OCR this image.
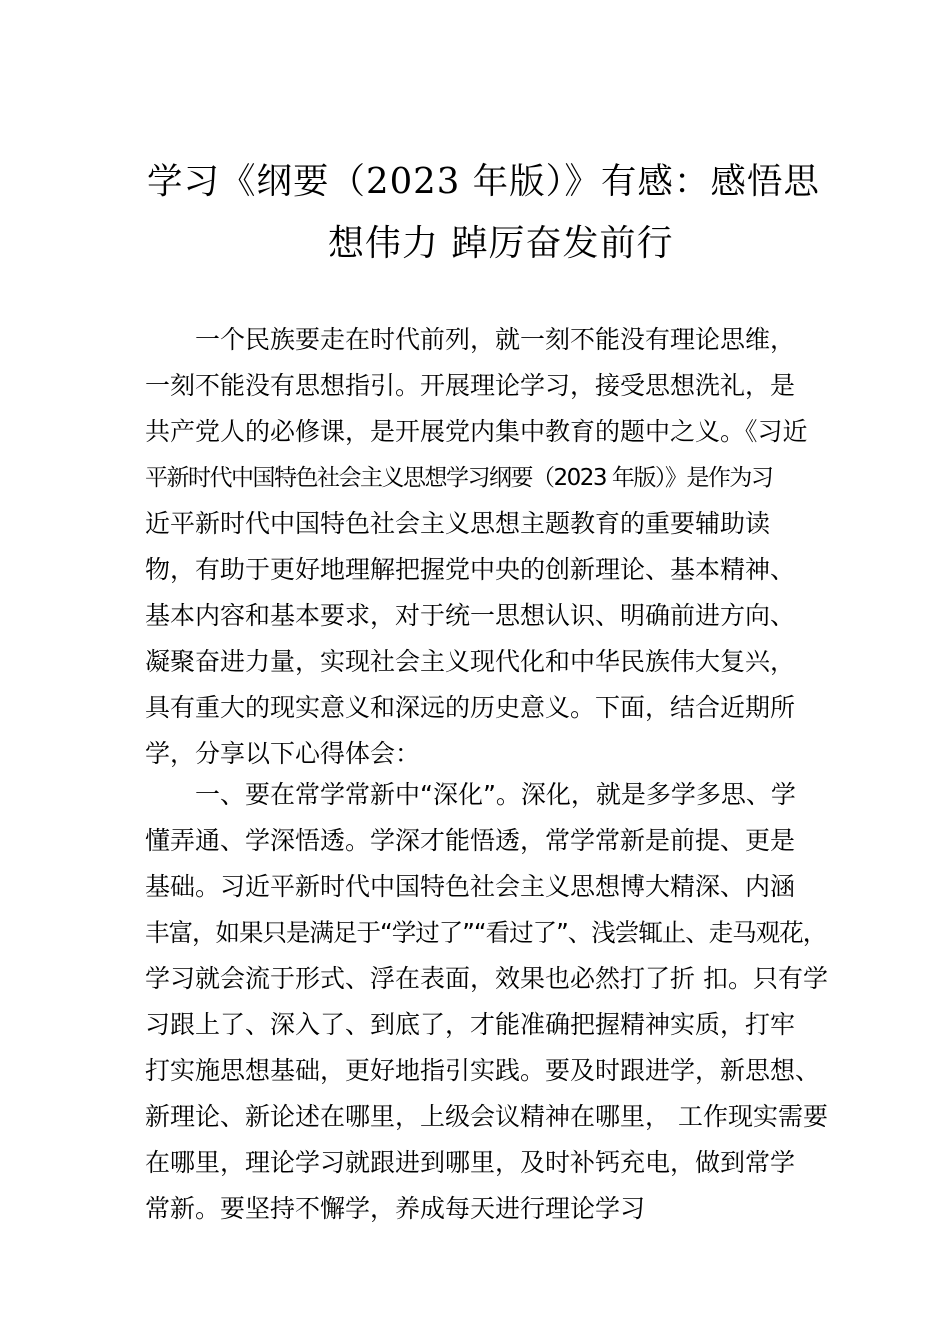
学习《纲要（2023 年版）》有感：感悟思
想伟力 踔厉奋发前行
一个民族要走在时代前列，就一刻不能没有理论思维，
一刻不能没有思想指引。开展理论学习，接受思想洗礼，是
共产党人的必修课，是开展党内集中教育的题中之义。《习近
平新时代中国特色社会主义思想学习纲要（2023 年版）》是作为习
近平新时代中国特色社会主义思想主题教育的重要辅助读
物，有助于更好地理解把握党中央的创新理论、基本精神、
基本内容和基本要求，对于统一思想认识、明确前进方向、
凝聚奋进力量，实现社会主义现代化和中华民族伟大复兴，
具有重大的现实意义和深远的历史意义。下面，结合近期所
学，分享以下心得体会：
一、要在常学常新中“深化”。深化，就是多学多思、学
懂弄通、学深悟透。学深才能悟透，常学常新是前提、更是
基础。习近平新时代中国特色社会主义思想博大精深、内涵
丰富，如果只是满足于“学过了”“看过了”、浅尝辄止、走马观花，
学习就会流于形式、浮在表面，效果也必然打了折 扣。只有学
习跟上了、深入了、到底了，才能准确把握精神实质，打牢
打实施思想基础，更好地指引实践。要及时跟进学，新思想、
新理论、新论述在哪里，上级会议精神在哪里， 工作现实需要
在哪里，理论学习就跟进到哪里，及时补钙充电，做到常学
常新。要坚持不懈学，养成每天进行理论学习
